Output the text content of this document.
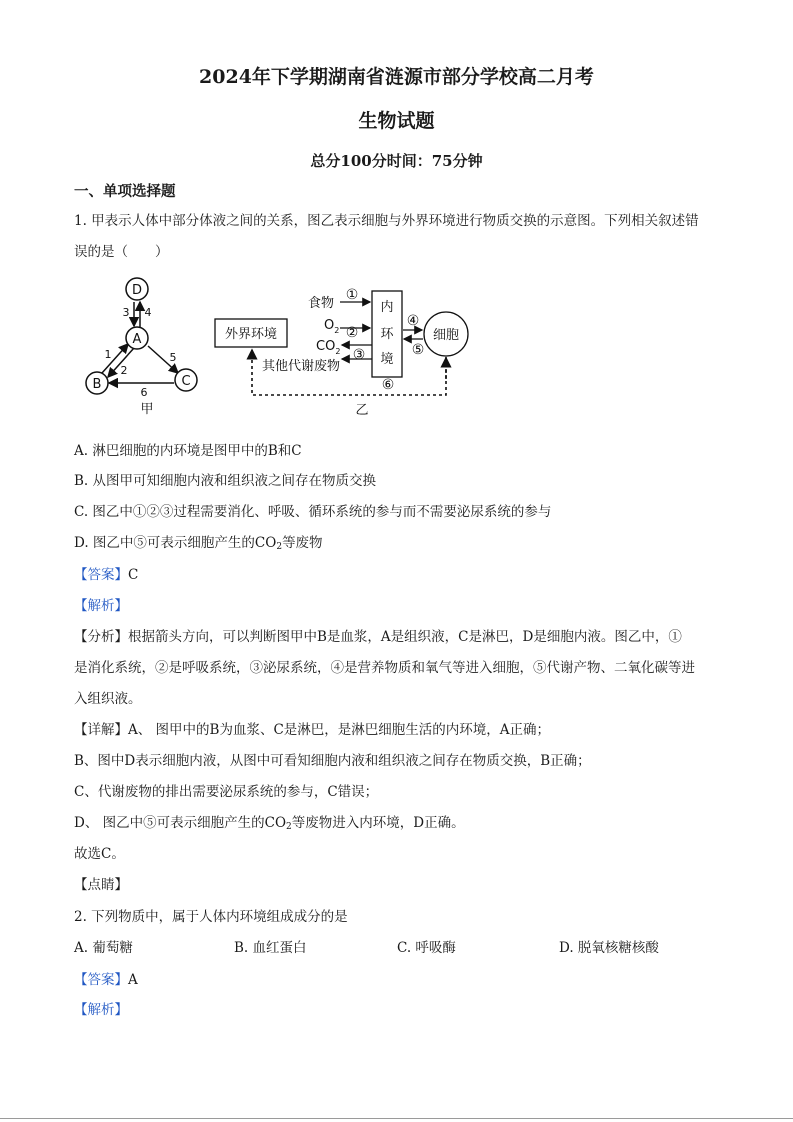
2024年下学期湖南省涟源市部分学校高二月考
生物试题
总分100分时间：75分钟
一、单项选择题
1. 甲表示人体中部分体液之间的关系，图乙表示细胞与外界环境进行物质交换的示意图。下列相关叙述错
误的是（　　）
D
A
B	C
3 4
1
2
5
6
甲
外界环境
内
环
境
细胞
食物
$O_2$
$CO_2$
其他代谢废物
①
②
③
④
⑤
⑥
乙
A. 淋巴细胞的内环境是图甲中的B和C
B. 从图甲可知细胞内液和组织液之间存在物质交换
C. 图乙中①②③过程需要消化、呼吸、循环系统的参与而不需要泌尿系统的参与
D. 图乙中⑤可表示细胞产生的$CO_2$等废物
【答案】C
【解析】
【分析】根据箭头方向，可以判断图甲中B是血浆，A是组织液，C是淋巴，D是细胞内液。图乙中，①
是消化系统，②是呼吸系统，③泌尿系统，④是营养物质和氧气等进入细胞，⑤代谢产物、二氧化碳等进
入组织液。
【详解】A、 图甲中的B为血浆、C是淋巴，是淋巴细胞生活的内环境，A正确；
B、图中D表示细胞内液，从图中可看知细胞内液和组织液之间存在物质交换，B正确；
C、代谢废物的排出需要泌尿系统的参与，C错误；
D、 图乙中⑤可表示细胞产生的$CO_2$等废物进入内环境，D正确。
故选C。
【点睛】
2. 下列物质中，属于人体内环境组成成分的是
A. 葡萄糖	B. 血红蛋白	C. 呼吸酶	D. 脱氧核糖核酸
【答案】A
【解析】
